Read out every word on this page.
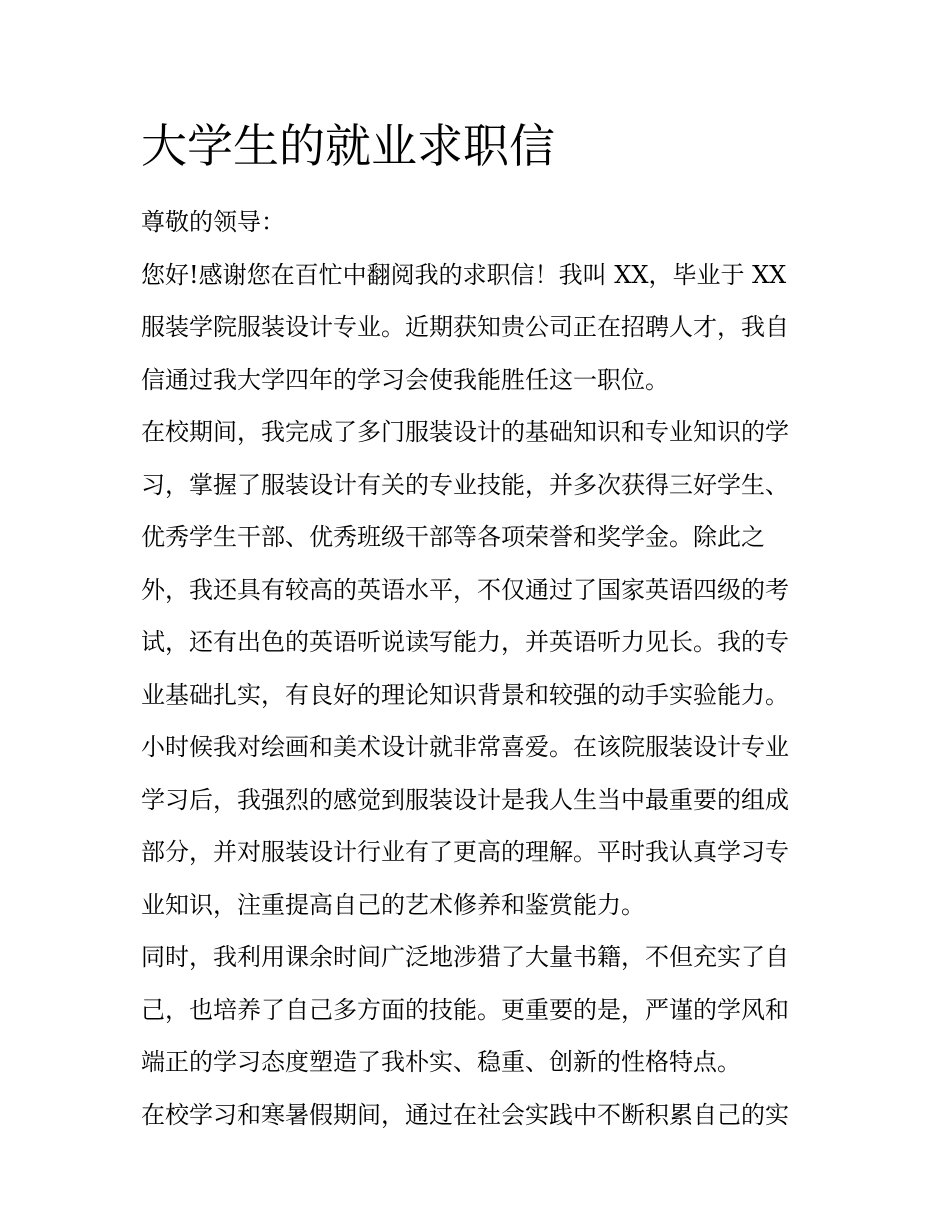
大学生的就业求职信
尊敬的领导：
您好!感谢您在百忙中翻阅我的求职信！我叫 XX，毕业于 XX
服装学院服装设计专业。近期获知贵公司正在招聘人才，我自
信通过我大学四年的学习会使我能胜任这一职位。
在校期间，我完成了多门服装设计的基础知识和专业知识的学
习，掌握了服装设计有关的专业技能，并多次获得三好学生、
优秀学生干部、优秀班级干部等各项荣誉和奖学金。除此之
外，我还具有较高的英语水平，不仅通过了国家英语四级的考
试，还有出色的英语听说读写能力，并英语听力见长。我的专
业基础扎实，有良好的理论知识背景和较强的动手实验能力。
小时候我对绘画和美术设计就非常喜爱。在该院服装设计专业
学习后，我强烈的感觉到服装设计是我人生当中最重要的组成
部分，并对服装设计行业有了更高的理解。平时我认真学习专
业知识，注重提高自己的艺术修养和鉴赏能力。
同时，我利用课余时间广泛地涉猎了大量书籍，不但充实了自
己，也培养了自己多方面的技能。更重要的是，严谨的学风和
端正的学习态度塑造了我朴实、稳重、创新的性格特点。
在校学习和寒暑假期间，通过在社会实践中不断积累自己的实
